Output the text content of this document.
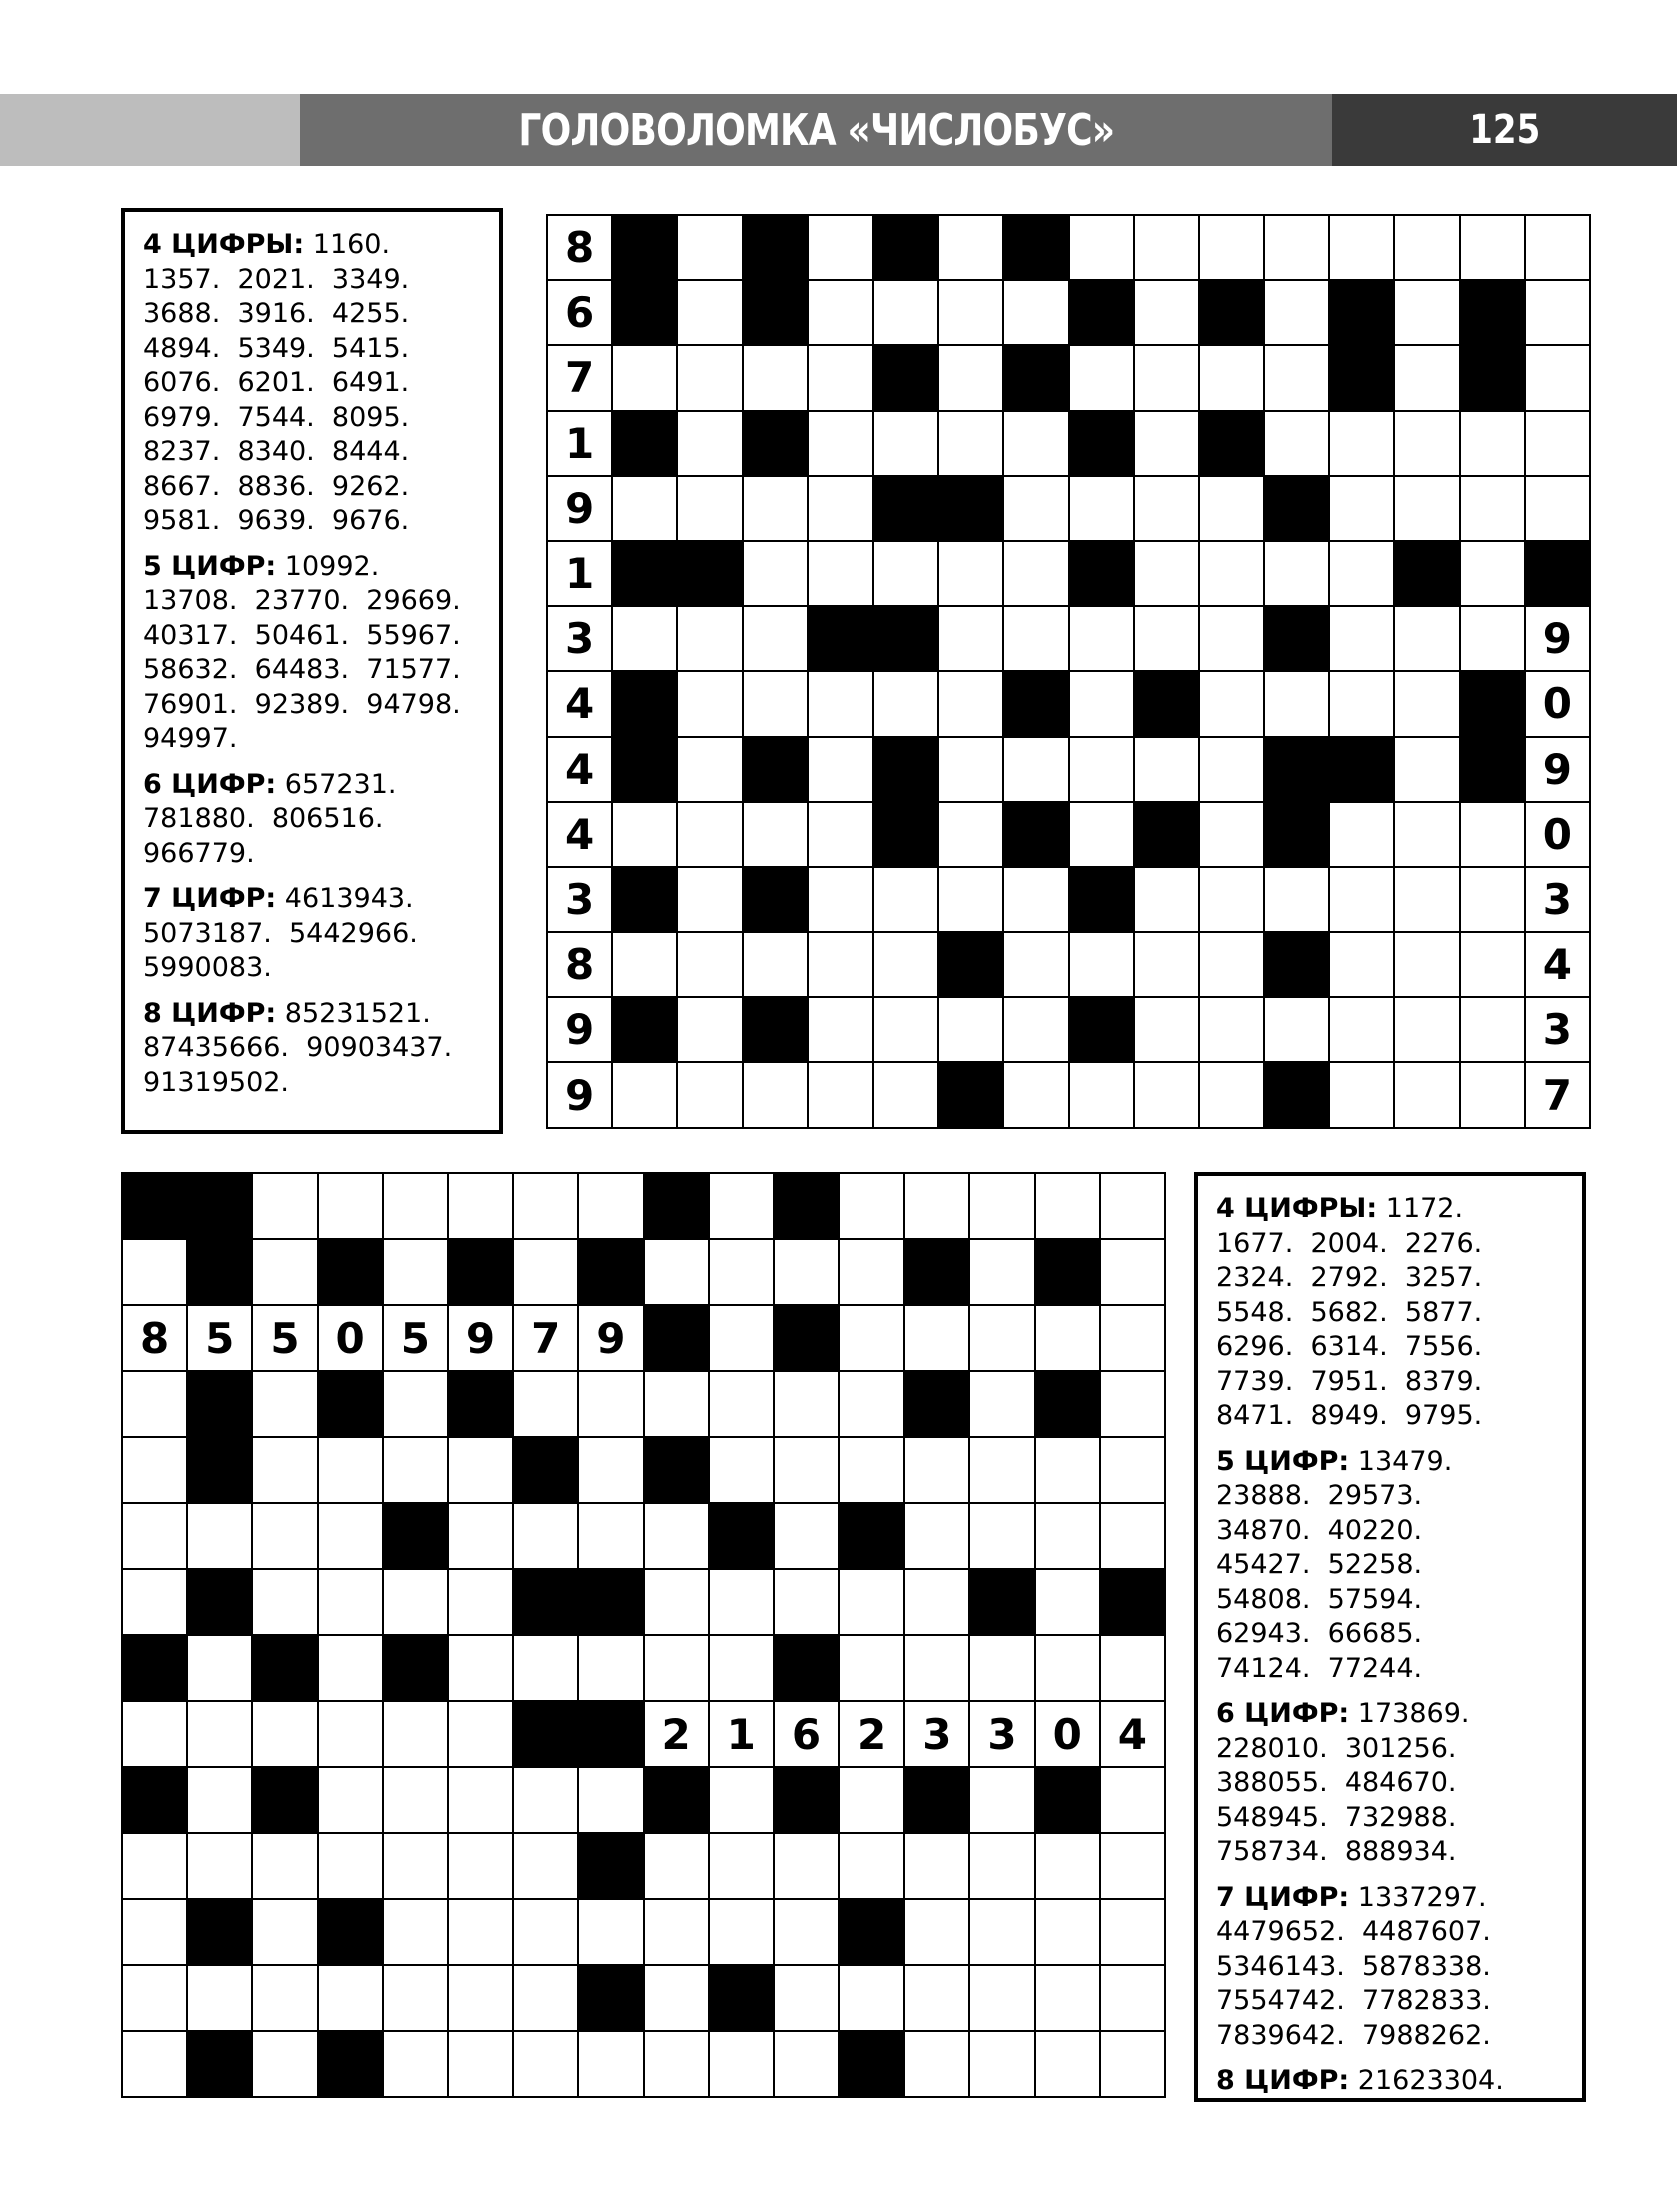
ГОЛОВОЛОМКА «ЧИСЛОБУС»	125
4 ЦИФРЫ: 1160.
1357.  2021.  3349.
3688.  3916.  4255.
4894.  5349.  5415.
6076.  6201.  6491.
6979.  7544.  8095.
8237.  8340.  8444.
8667.  8836.  9262.
9581.  9639.  9676.
5 ЦИФР: 10992.
13708.  23770.  29669.
40317.  50461.  55967.
58632.  64483.  71577.
76901.  92389.  94798.
94997.
6 ЦИФР: 657231.
781880.  806516.
966779.
7 ЦИФР: 4613943.
5073187.  5442966.
5990083.
8 ЦИФР: 85231521.
87435666.  90903437.
91319502.
8															
6															
7															
1															
9															
1															
3															9
4															0
4															9
4															0
3															3
8															4
9															3
9															7

8	5	5	0	5	9	7	9								

								2	1	6	2	3	3	0	4

4 ЦИФРЫ: 1172.
1677.  2004.  2276.
2324.  2792.  3257.
5548.  5682.  5877.
6296.  6314.  7556.
7739.  7951.  8379.
8471.  8949.  9795.
5 ЦИФР: 13479.
23888.  29573.
34870.  40220.
45427.  52258.
54808.  57594.
62943.  66685.
74124.  77244.
6 ЦИФР: 173869.
228010.  301256.
388055.  484670.
548945.  732988.
758734.  888934.
7 ЦИФР: 1337297.
4479652.  4487607.
5346143.  5878338.
7554742.  7782833.
7839642.  7988262.
8 ЦИФР: 21623304.
